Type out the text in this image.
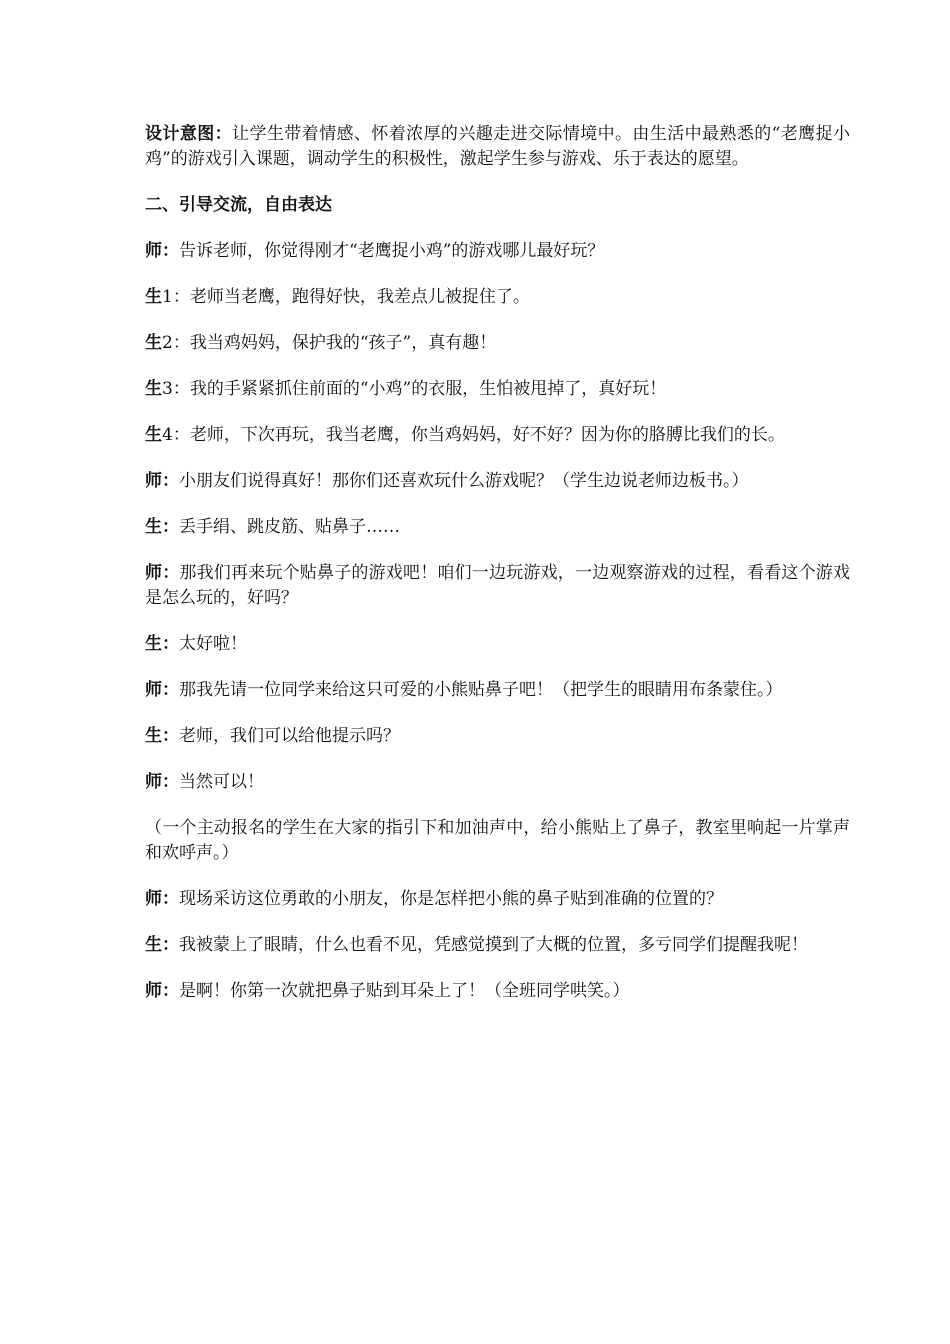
设计意图：让学生带着情感、怀着浓厚的兴趣走进交际情境中。由生活中最熟悉的“老鹰捉小鸡”的游戏引入课题，调动学生的积极性，激起学生参与游戏、乐于表达的愿望。

二、引导交流，自由表达

师：告诉老师，你觉得刚才“老鹰捉小鸡”的游戏哪儿最好玩？

生1：老师当老鹰，跑得好快，我差点儿被捉住了。

生2：我当鸡妈妈，保护我的“孩子”，真有趣！

生3：我的手紧紧抓住前面的“小鸡”的衣服，生怕被甩掉了，真好玩！

生4：老师，下次再玩，我当老鹰，你当鸡妈妈，好不好？因为你的胳膊比我们的长。

师：小朋友们说得真好！那你们还喜欢玩什么游戏呢？（学生边说老师边板书。）

生：丢手绢、跳皮筋、贴鼻子……

师：那我们再来玩个贴鼻子的游戏吧！咱们一边玩游戏，一边观察游戏的过程，看看这个游戏是怎么玩的，好吗？

生：太好啦！

师：那我先请一位同学来给这只可爱的小熊贴鼻子吧！（把学生的眼睛用布条蒙住。）

生：老师，我们可以给他提示吗？

师：当然可以！

（一个主动报名的学生在大家的指引下和加油声中，给小熊贴上了鼻子，教室里响起一片掌声和欢呼声。）

师：现场采访这位勇敢的小朋友，你是怎样把小熊的鼻子贴到准确的位置的？

生：我被蒙上了眼睛，什么也看不见，凭感觉摸到了大概的位置，多亏同学们提醒我呢！

师：是啊！你第一次就把鼻子贴到耳朵上了！（全班同学哄笑。）
